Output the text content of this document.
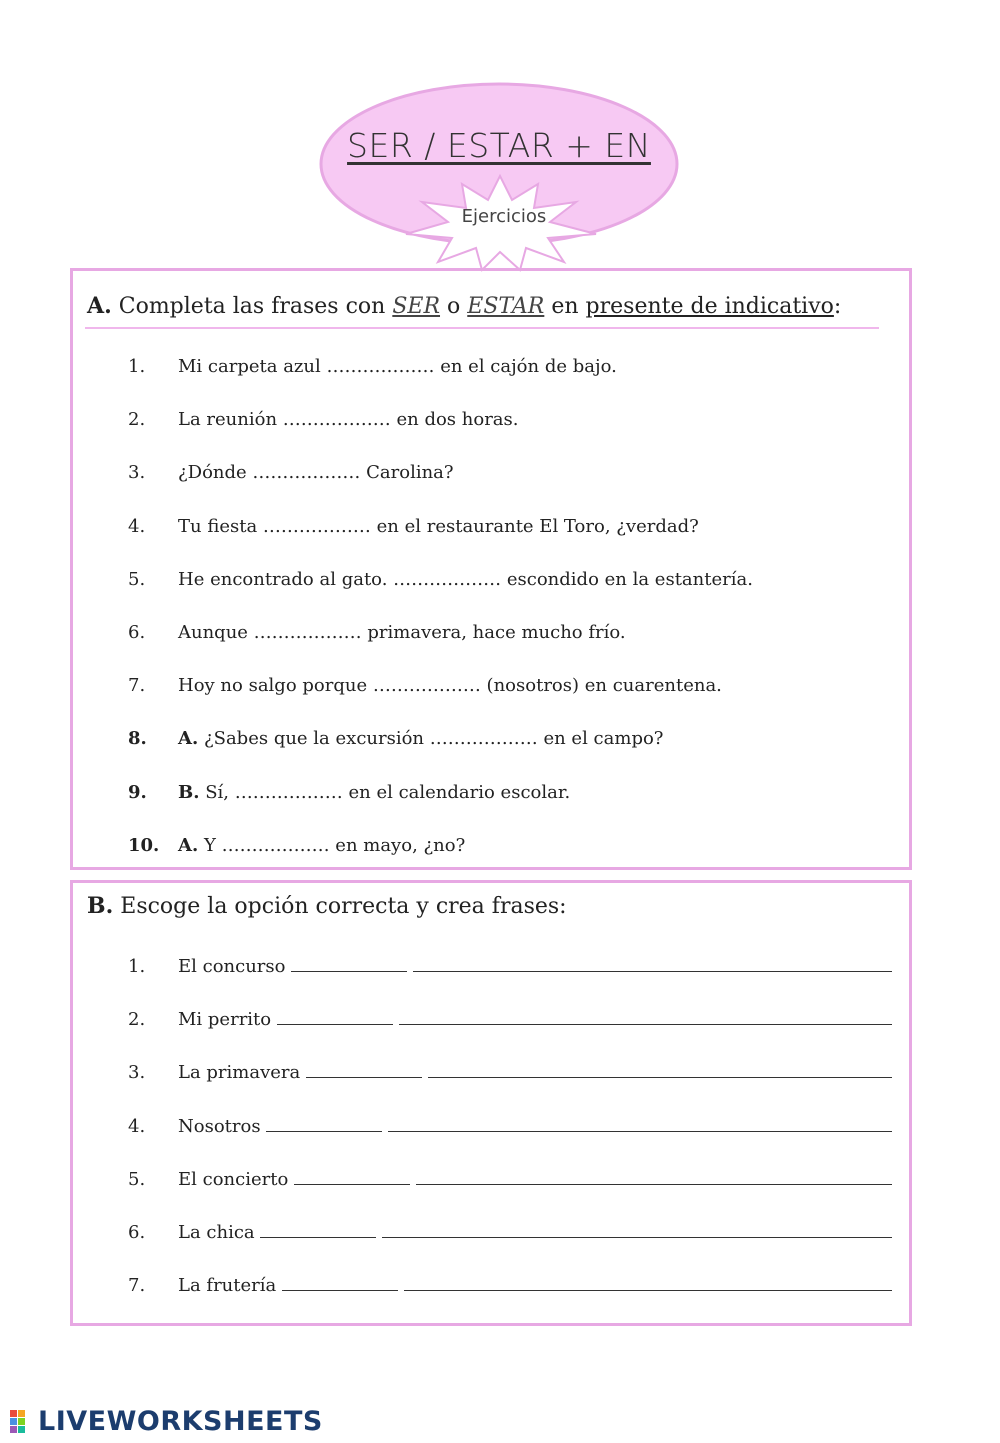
SER / ESTAR + EN
Ejercicios
A. Completa las frases con SER o ESTAR en presente de indicativo:
1.	Mi carpeta azul ……………… en el cajón de bajo.
2.	La reunión ……………… en dos horas.
3.	¿Dónde ……………… Carolina?
4.	Tu fiesta ……………… en el restaurante El Toro, ¿verdad?
5.	He encontrado al gato. ……………… escondido en la estantería.
6.	Aunque ……………… primavera, hace mucho frío.
7.	Hoy no salgo porque ……………… (nosotros) en cuarentena.
8.	A. ¿Sabes que la excursión ……………… en el campo?
9.	B. Sí, ……………… en el calendario escolar.
10.	A. Y ……………… en mayo, ¿no?
B. Escoge la opción correcta y crea frases:
1.	El concurso
2.	Mi perrito
3.	La primavera
4.	Nosotros
5.	El concierto
6.	La chica
7.	La frutería
LIVEWORKSHEETS
